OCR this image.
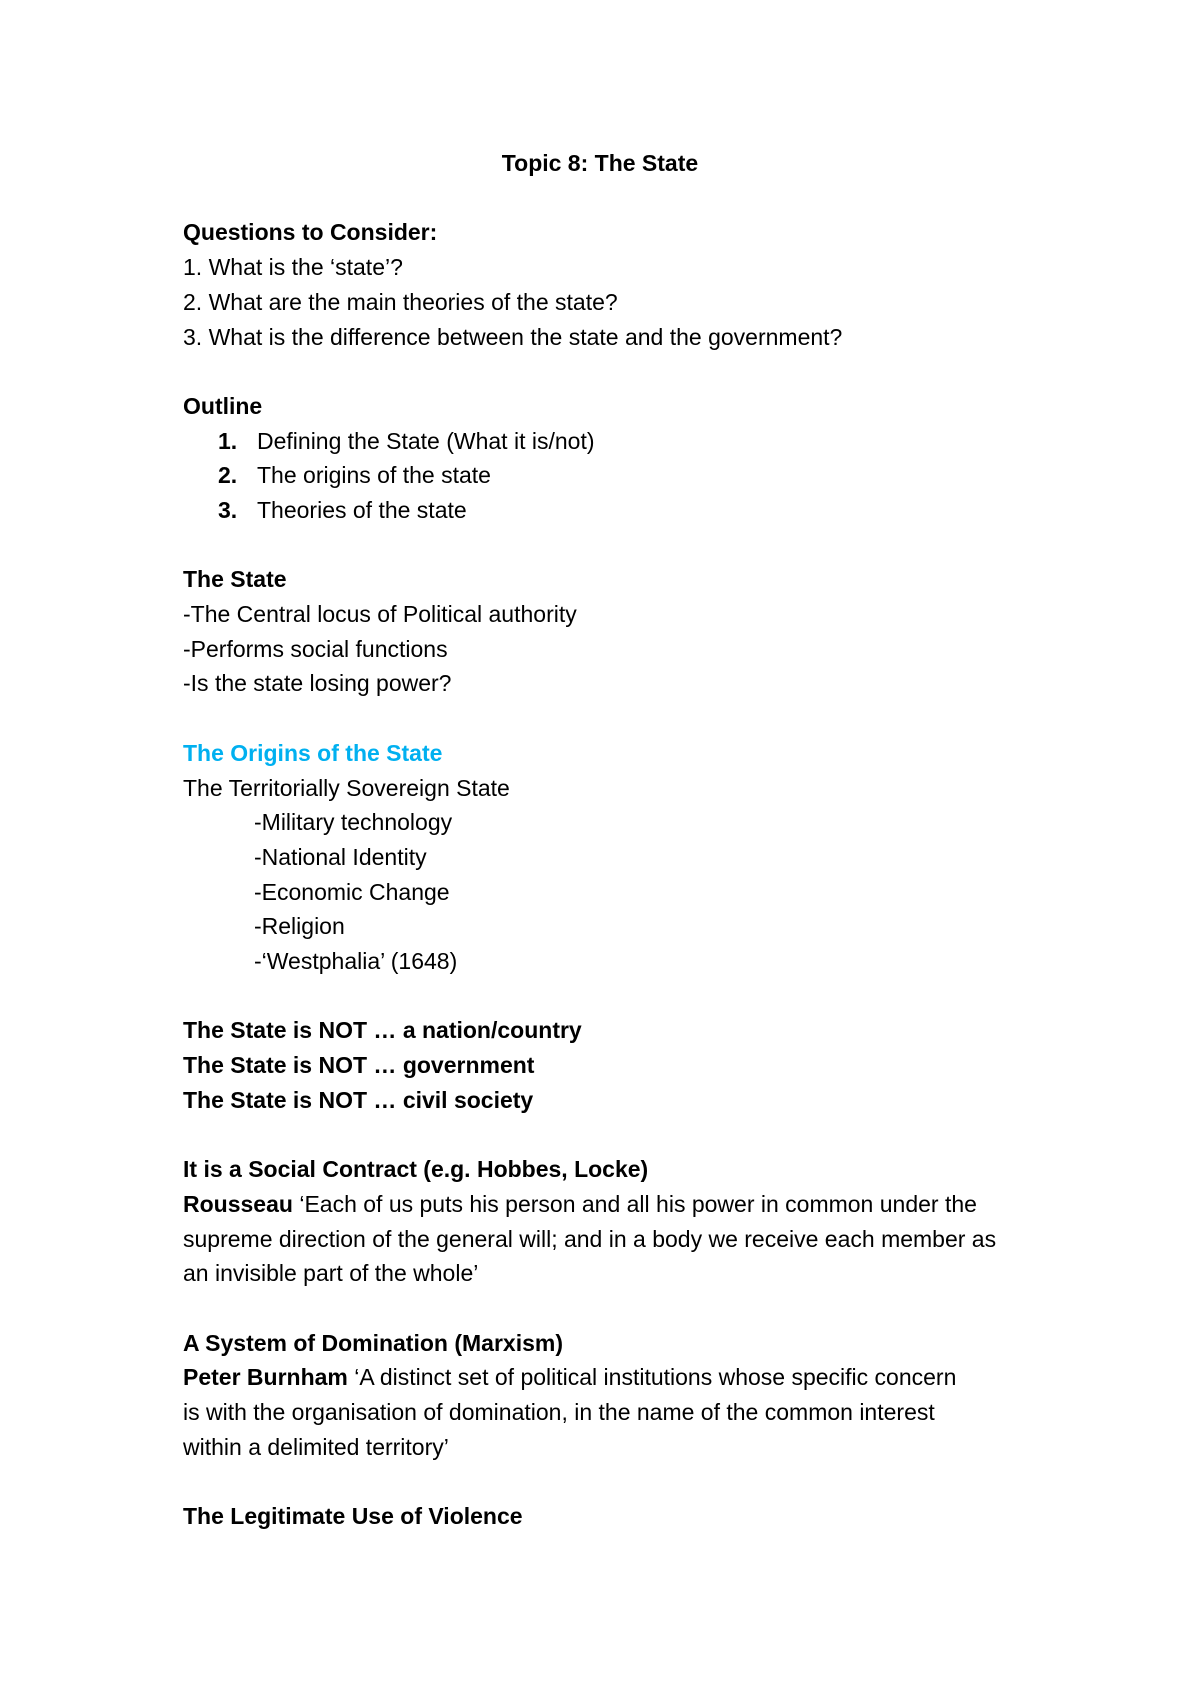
Topic 8: The State
Questions to Consider:
1. What is the ‘state’?
2. What are the main theories of the state?
3. What is the difference between the state and the government?
Outline
1. Defining the State (What it is/not)
2. The origins of the state
3. Theories of the state
The State
-The Central locus of Political authority
-Performs social functions
-Is the state losing power?
The Origins of the State
The Territorially Sovereign State
-Military technology
-National Identity
-Economic Change
-Religion
-‘Westphalia’ (1648)
The State is NOT … a nation/country
The State is NOT … government
The State is NOT … civil society
It is a Social Contract (e.g. Hobbes, Locke)
Rousseau ‘Each of us puts his person and all his power in common under the supreme direction of the general will; and in a body we receive each member as an invisible part of the whole’
A System of Domination (Marxism)
Peter Burnham ‘A distinct set of political institutions whose specific concern is with the organisation of domination, in the name of the common interest within a delimited territory’
The Legitimate Use of Violence
